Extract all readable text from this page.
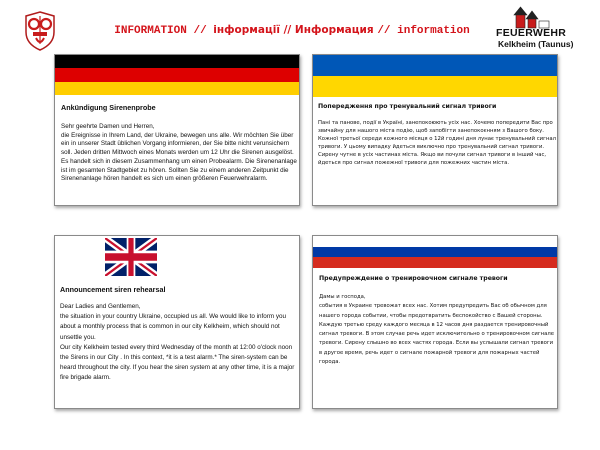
INFORMATION // інформації // Информация // information	FEUERWEHR
Kelkheim (Taunus)
Ankündigung Sirenenprobe

Sehr geehrte Damen und Herren,
die Ereignisse in Ihrem Land, der Ukraine, bewegen uns alle. Wir möchten Sie über ein in unserer Stadt üblichen Vorgang informieren, der Sie bitte nicht verunsichern soll. Jeden dritten Mittwoch eines Monats werden um 12 Uhr die Sirenen ausgelöst. Es handelt sich in diesem Zusammenhang um einen Probealarm. Die Sirenenanlage ist im gesamten Stadtgebiet zu hören. Sollten Sie zu einem anderen Zeitpunkt die Sirenenanlage hören handelt es sich um einen größeren Feuerwehralarm.

Попередження про тренувальний сигнал тривоги

Пані та панове, події в Україні, занепокоюють усіх нас. Хочемо попередити Вас про звичайну для нашого міста подію, щоб запобігти занепокоєнням з Вашого боку. Кожної третьої середи кожного місяця о 12й годині дня лунає тренувальний сигнал тривоги. У цьому випадку йдеться виключно про тренувальний сигнал тривоги. Сирену чутне в усіх частинах міста. Якщо ви почули сигнал тривоги в інший час,
йдеться про сигнал пожежної тривоги для пожежних частин міста.

Announcement siren rehearsal

Dear Ladies and Gentlemen,
the situation in your country Ukraine, occupied us all. We would like to inform you about a monthly process that is common in our city Kelkheim, which should not unsettle you.
Our city Kelkheim tested every third Wednesday of the month at 12:00 o'clock noon the Sirens in our City . In this context, *it is a test alarm.* The siren-system can be heard throughout the city. If you hear the siren system at any other time, it is a major fire brigade alarm.

Предупреждение о тренировочном сигнале тревоги

Дамы и господа,
события в Украине тревожат всех нас. Хотим предупредить Вас об обычном для нашего города событии, чтобы предотвратить беспокойство с Вашей стороны. Каждую третью среду каждого месяца в 12 часов дня раздается тренировочный сигнал тревоги. В этом случае речь идет исключительно о тренировочном сигнале тревоги. Сирену слышно во всех частях города. Если вы услышали сигнал тревоги в другое время, речь идет о сигнале пожарной тревоги для пожарных частей города.
